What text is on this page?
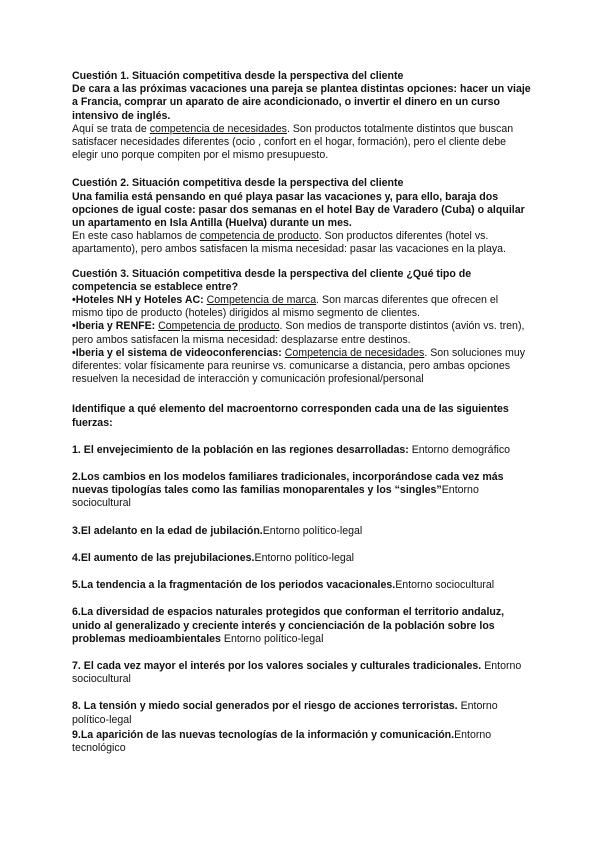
Cuestión 1. Situación competitiva desde la perspectiva del cliente

De cara a las próximas vacaciones una pareja se plantea distintas opciones: hacer un viaje a Francia, comprar un aparato de aire acondicionado, o invertir el dinero en un curso intensivo de inglés.

Aquí se trata de competencia de necesidades. Son productos totalmente distintos que buscan satisfacer necesidades diferentes (ocio , confort en el hogar, formación), pero el cliente debe elegir uno porque compiten por el mismo presupuesto.

Cuestión 2. Situación competitiva desde la perspectiva del cliente

Una familia está pensando en qué playa pasar las vacaciones y, para ello, baraja dos opciones de igual coste: pasar dos semanas en el hotel Bay de Varadero (Cuba) o alquilar un apartamento en Isla Antilla (Huelva) durante un mes.

En este caso hablamos de competencia de producto. Son productos diferentes (hotel vs. apartamento), pero ambos satisfacen la misma necesidad: pasar las vacaciones en la playa.

Cuestión 3. Situación competitiva desde la perspectiva del cliente ¿Qué tipo de competencia se establece entre?

•Hoteles NH y Hoteles AC: Competencia de marca. Son marcas diferentes que ofrecen el mismo tipo de producto (hoteles) dirigidos al mismo segmento de clientes.

•Iberia y RENFE: Competencia de producto. Son medios de transporte distintos (avión vs. tren), pero ambos satisfacen la misma necesidad: desplazarse entre destinos.

•Iberia y el sistema de videoconferencias: Competencia de necesidades. Son soluciones muy diferentes: volar físicamente para reunirse vs. comunicarse a distancia, pero ambas opciones resuelven la necesidad de interacción y comunicación profesional/personal

Identifique a qué elemento del macroentorno corresponden cada una de las siguientes fuerzas:

1. El envejecimiento de la población en las regiones desarrolladas: Entorno demográfico

2.Los cambios en los modelos familiares tradicionales, incorporándose cada vez más nuevas tipologías tales como las familias monoparentales y los “singles”Entorno sociocultural

3.El adelanto en la edad de jubilación.Entorno político-legal

4.El aumento de las prejubilaciones.Entorno político-legal

5.La tendencia a la fragmentación de los periodos vacacionales.Entorno sociocultural

6.La diversidad de espacios naturales protegidos que conforman el territorio andaluz, unido al generalizado y creciente interés y concienciación de la población sobre los problemas medioambientales Entorno político-legal

7. El cada vez mayor el interés por los valores sociales y culturales tradicionales. Entorno sociocultural

8. La tensión y miedo social generados por el riesgo de acciones terroristas. Entorno político-legal

9.La aparición de las nuevas tecnologías de la información y comunicación.Entorno tecnológico
